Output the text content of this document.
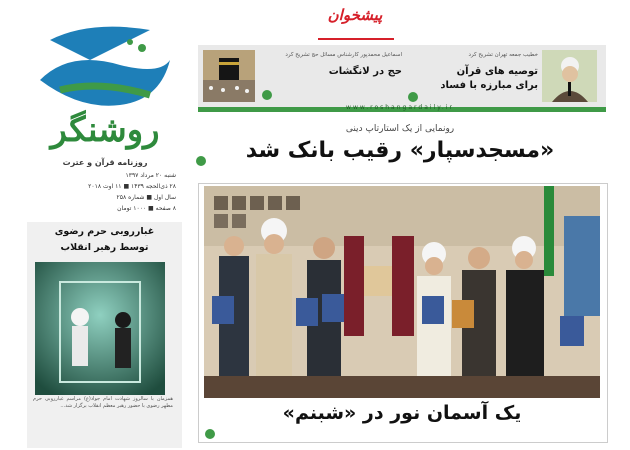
پیشخوان
روشنگر
روزنامه قرآن و عترت
شنبه ۲۰ مرداد ۱۳۹۷
۲۸ ذی‌الحجه ۱۴۳۹ ■ ۱۱ اوت ۲۰۱۸
سال اول ■ شماره ۲۵۸
۸ صفحه ■ ۱۰۰۰ تومان
غبارروبی حرم رضوی
توسط رهبر انقلاب
همزمان با سالروز شهادت امام جواد(ع) مراسم غبارروبی حرم مطهر رضوی با حضور رهبر معظم انقلاب برگزار شد...
خطیب جمعه تهران تشریح کرد
توصیه های قرآن
برای مبارزه با فساد
اسماعیل محمدپور کارشناس مسائل حج تشریح کرد
حج در لانگشات
www.roshangardaily.ir
رونمایی از یک استارتاپ دینی
«مسجدسپار» رقیب بانک شد
یک آسمان نور در «شبنم»
